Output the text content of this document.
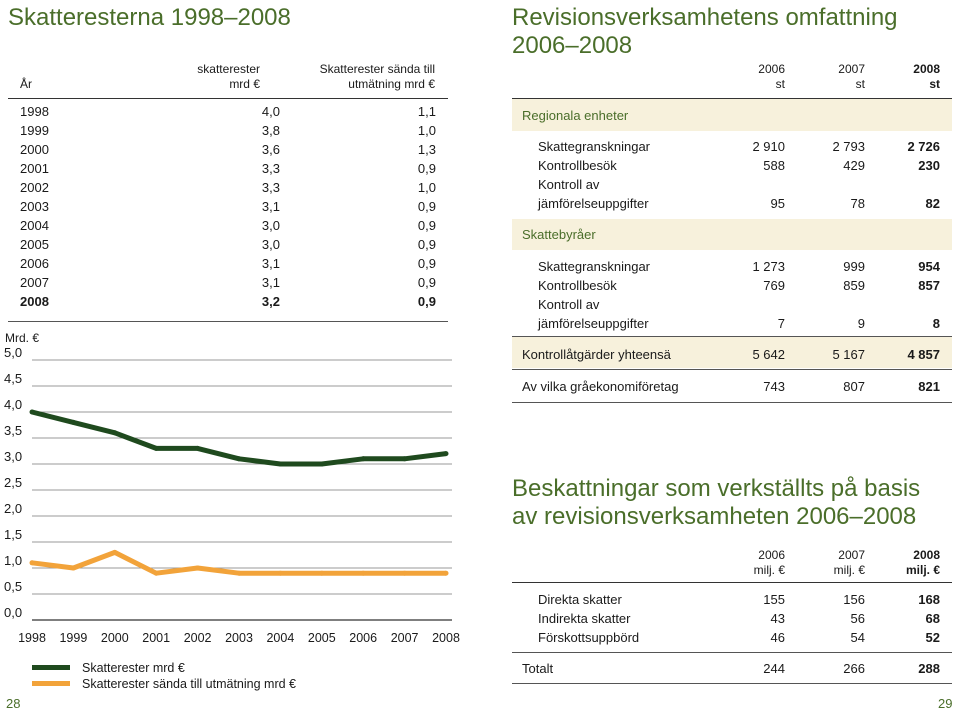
Skatteresterna 1998–2008
År
skatterester
mrd €
Skatterester sända till
utmätning mrd €
1998	4,0	1,1
1999	3,8	1,0
2000	3,6	1,3
2001	3,3	0,9
2002	3,3	1,0
2003	3,1	0,9
2004	3,0	0,9
2005	3,0	0,9
2006	3,1	0,9
2007	3,1	0,9
2008	3,2	0,9
Mrd. €
0,0
0,5
1,0
1,5
2,0
2,5
3,0
3,5
4,0
4,5
5,0
1998 1999 2000 2001 2002 2003 2004 2005 2006 2007 2008
Skatterester mrd €
Skatterester sända till utmätning mrd €
28
Revisionsverksamhetens omfattning
2006–2008
2006
st
2007
st
2008
st
Regionala enheter
Skattegranskningar	2 910	2 793	2 726
Kontrollbesök	588	429	230
Kontroll av
jämförelseuppgifter	95	78	82
Skattebyråer
Skattegranskningar	1 273	999	954
Kontrollbesök	769	859	857
Kontroll av
jämförelseuppgifter	7	9	8
Kontrollåtgärder yhteensä	5 642	5 167	4 857
Av vilka gråekonomiföretag	743	807	821
Beskattningar som verkställts på basis
av revisionsverksamheten 2006–2008
2006
milj. €
2007
milj. €
2008
milj. €
Direkta skatter	155	156	168
Indirekta skatter	43	56	68
Förskottsuppbörd	46	54	52
Totalt	244	266	288
29
